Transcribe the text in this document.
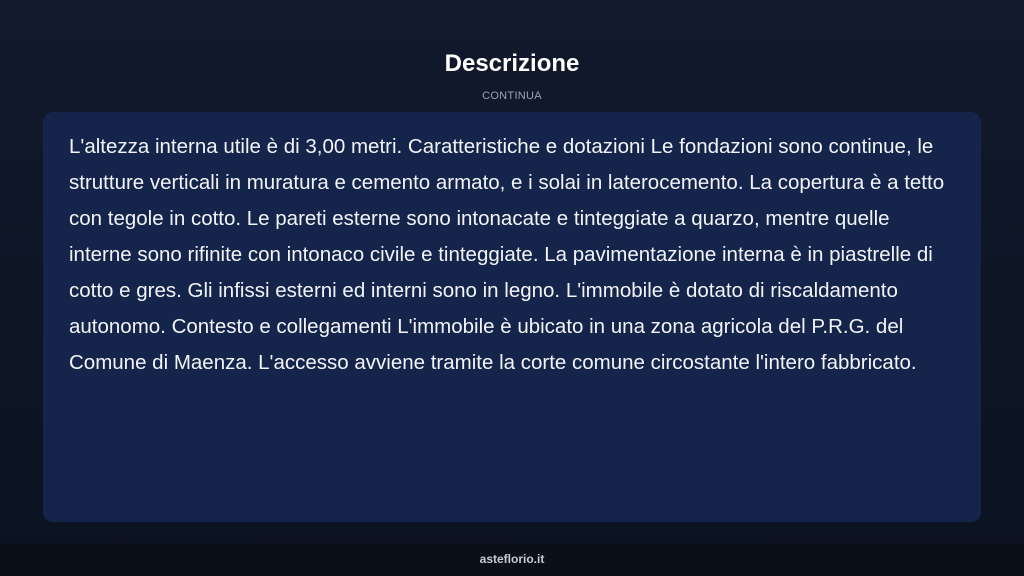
Descrizione
CONTINUA

L'altezza interna utile è di 3,00 metri. Caratteristiche e dotazioni Le fondazioni sono continue, le strutture verticali in muratura e cemento armato, e i solai in laterocemento. La copertura è a tetto con tegole in cotto. Le pareti esterne sono intonacate e tinteggiate a quarzo, mentre quelle interne sono rifinite con intonaco civile e tinteggiate. La pavimentazione interna è in piastrelle di cotto e gres. Gli infissi esterni ed interni sono in legno. L'immobile è dotato di riscaldamento autonomo. Contesto e collegamenti L'immobile è ubicato in una zona agricola del P.R.G. del Comune di Maenza. L'accesso avviene tramite la corte comune circostante l'intero fabbricato.

asteflorio.it
